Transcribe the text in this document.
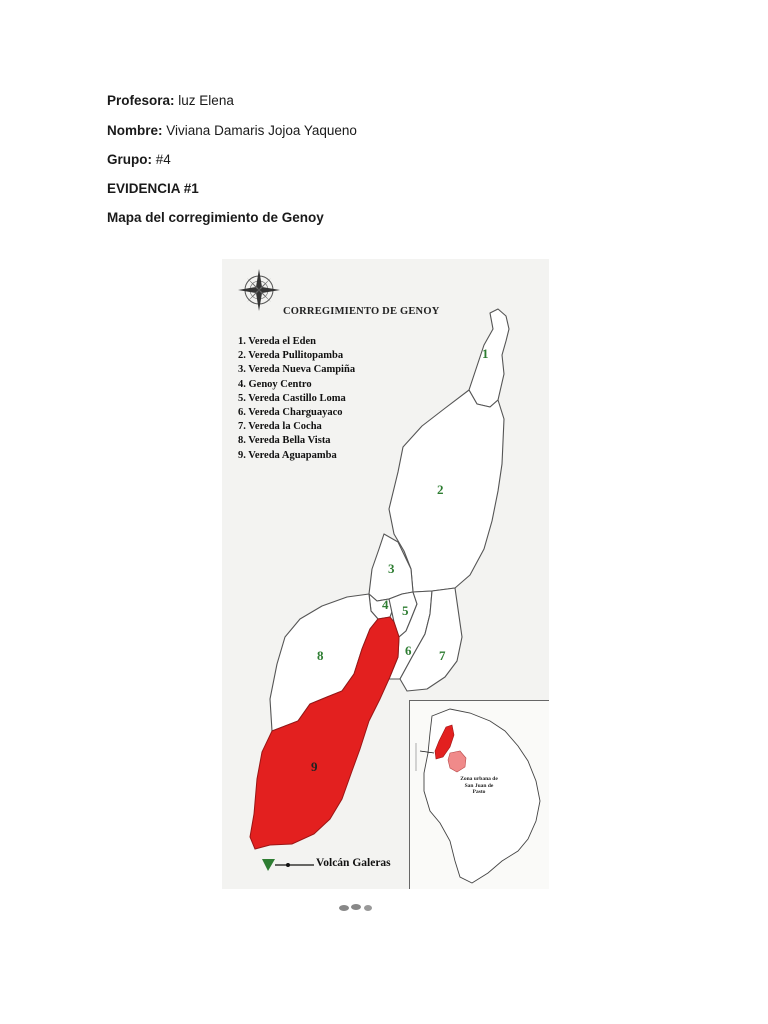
Profesora: luz Elena
Nombre: Viviana Damaris Jojoa Yaqueno
Grupo: #4
EVIDENCIA #1
Mapa del corregimiento de Genoy
CORREGIMIENTO DE GENOY
1. Vereda el Eden
2. Vereda Pullitopamba
3. Vereda Nueva Campiña
4. Genoy Centro
5. Vereda Castillo Loma
6. Vereda Charguayaco
7. Vereda la Cocha
8. Vereda Bella Vista
9. Vereda Aguapamba
1
2
3
4 5
6 7
8
9
Volcán Galeras
Zona urbana de San Juan de Pasto
